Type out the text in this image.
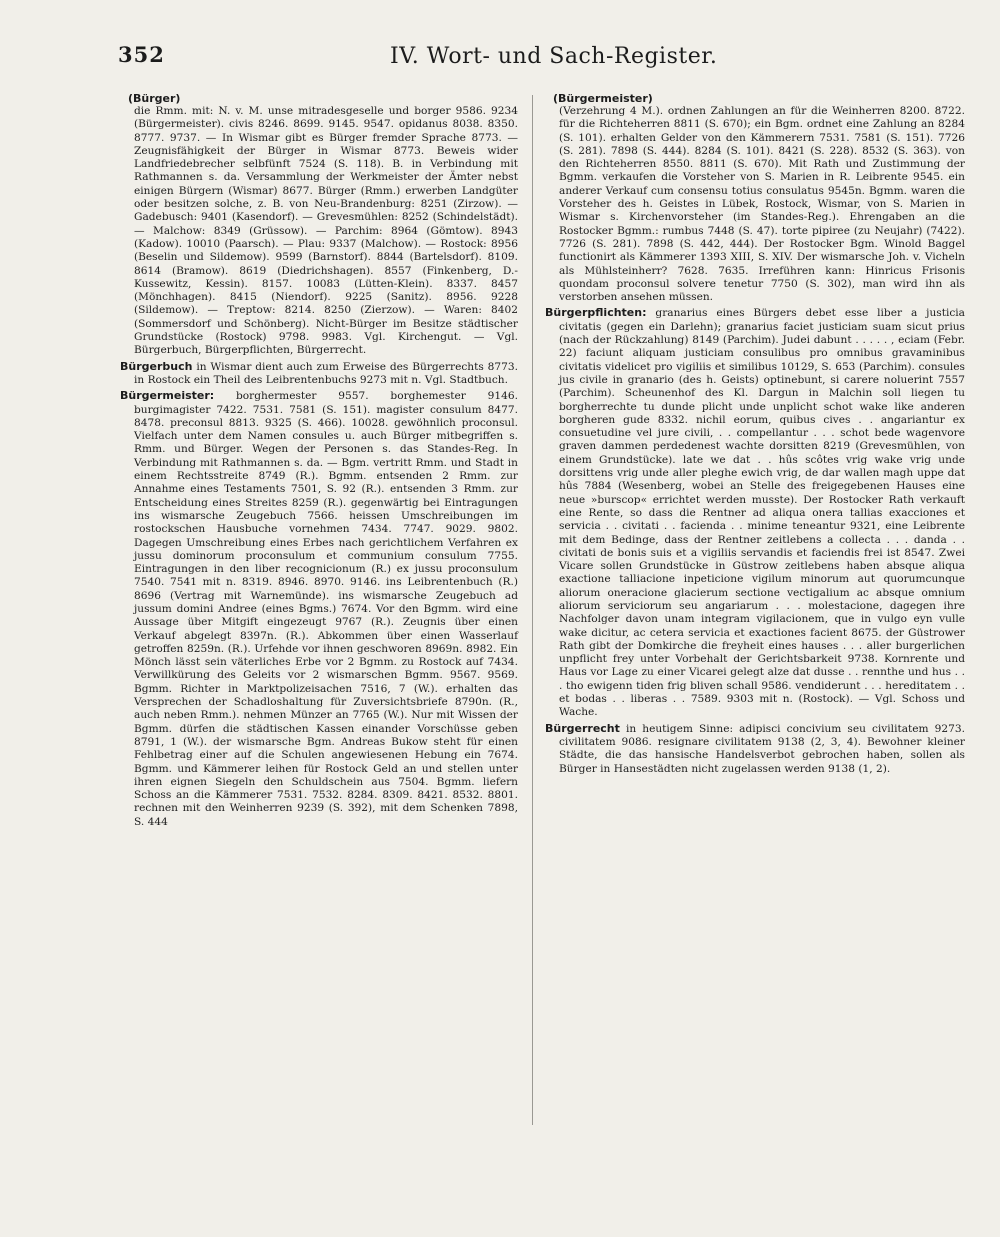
352	IV. Wort- und Sach-Register.
(Bürger)

die Rmm. mit: N. v. M. unse mitradesgeselle und borger 9586. 9234 (Bürgermeister). civis 8246. 8699. 9145. 9547. opidanus 8038. 8350. 8777. 9737. — In Wismar gibt es Bürger fremder Sprache 8773. — Zeugnisfähigkeit der Bürger in Wismar 8773. Beweis wider Landfriedebrecher selbfünft 7524 (S. 118). B. in Verbindung mit Rathmannen s. da. Versammlung der Werkmeister der Ämter nebst einigen Bürgern (Wismar) 8677. Bürger (Rmm.) erwerben Landgüter oder besitzen solche, z. B. von Neu-Brandenburg: 8251 (Zirzow). — Gadebusch: 9401 (Kasendorf). — Grevesmühlen: 8252 (Schindelstädt). — Malchow: 8349 (Grüssow). — Parchim: 8964 (Gömtow). 8943 (Kadow). 10010 (Paarsch). — Plau: 9337 (Malchow). — Rostock: 8956 (Beselin und Sildemow). 9599 (Barnstorf). 8844 (Bartelsdorf). 8109. 8614 (Bramow). 8619 (Diedrichshagen). 8557 (Finkenberg, D.-Kussewitz, Kessin). 8157. 10083 (Lütten-Klein). 8337. 8457 (Mönchhagen). 8415 (Niendorf). 9225 (Sanitz). 8956. 9228 (Sildemow). — Treptow: 8214. 8250 (Zierzow). — Waren: 8402 (Sommersdorf und Schönberg). Nicht-Bürger im Besitze städtischer Grundstücke (Rostock) 9798. 9983. Vgl. Kirchengut. — Vgl. Bürgerbuch, Bürgerpflichten, Bürgerrecht.

Bürgerbuch in Wismar dient auch zum Erweise des Bürgerrechts 8773. in Rostock ein Theil des Leibrentenbuchs 9273 mit n. Vgl. Stadtbuch.

Bürgermeister: borghermester 9557. borghemester 9146. burgimagister 7422. 7531. 7581 (S. 151). magister consulum 8477. 8478. preconsul 8813. 9325 (S. 466). 10028. gewöhnlich proconsul. Vielfach unter dem Namen consules u. auch Bürger mitbegriffen s. Rmm. und Bürger. Wegen der Personen s. das Standes-Reg. In Verbindung mit Rathmannen s. da. — Bgm. vertritt Rmm. und Stadt in einem Rechtsstreite 8749 (R.). Bgmm. entsenden 2 Rmm. zur Annahme eines Testaments 7501, S. 92 (R.). entsenden 3 Rmm. zur Entscheidung eines Streites 8259 (R.). gegenwärtig bei Eintragungen ins wismarsche Zeugebuch 7566. heissen Umschreibungen im rostockschen Hausbuche vornehmen 7434. 7747. 9029. 9802. Dagegen Umschreibung eines Erbes nach gerichtlichem Verfahren ex jussu dominorum proconsulum et communium consulum 7755. Eintragungen in den liber recognicionum (R.) ex jussu proconsulum 7540. 7541 mit n. 8319. 8946. 8970. 9146. ins Leibrentenbuch (R.) 8696 (Vertrag mit Warnemünde). ins wismarsche Zeugebuch ad jussum domini Andree (eines Bgms.) 7674. Vor den Bgmm. wird eine Aussage über Mitgift eingezeugt 9767 (R.). Zeugnis über einen Verkauf abgelegt 8397n. (R.). Abkommen über einen Wasserlauf getroffen 8259n. (R.). Urfehde vor ihnen geschworen 8969n. 8982. Ein Mönch lässt sein väterliches Erbe vor 2 Bgmm. zu Rostock auf 7434. Verwillkürung des Geleits vor 2 wismarschen Bgmm. 9567. 9569. Bgmm. Richter in Marktpolizeisachen 7516, 7 (W.). erhalten das Versprechen der Schadloshaltung für Zuversichtsbriefe 8790n. (R., auch neben Rmm.). nehmen Münzer an 7765 (W.). Nur mit Wissen der Bgmm. dürfen die städtischen Kassen einander Vorschüsse geben 8791, 1 (W.). der wismarsche Bgm. Andreas Bukow steht für einen Fehlbetrag einer auf die Schulen angewiesenen Hebung ein 7674. Bgmm. und Kämmerer leihen für Rostock Geld an und stellen unter ihren eignen Siegeln den Schuldschein aus 7504. Bgmm. liefern Schoss an die Kämmerer 7531. 7532. 8284. 8309. 8421. 8532. 8801. rechnen mit den Weinherren 9239 (S. 392), mit dem Schenken 7898, S. 444

(Bürgermeister)

(Verzehrung 4 M.). ordnen Zahlungen an für die Weinherren 8200. 8722. für die Richteherren 8811 (S. 670); ein Bgm. ordnet eine Zahlung an 8284 (S. 101). erhalten Gelder von den Kämmerern 7531. 7581 (S. 151). 7726 (S. 281). 7898 (S. 444). 8284 (S. 101). 8421 (S. 228). 8532 (S. 363). von den Richteherren 8550. 8811 (S. 670). Mit Rath und Zustimmung der Bgmm. verkaufen die Vorsteher von S. Marien in R. Leibrente 9545. ein anderer Verkauf cum consensu totius consulatus 9545n. Bgmm. waren die Vorsteher des h. Geistes in Lübek, Rostock, Wismar, von S. Marien in Wismar s. Kirchenvorsteher (im Standes-Reg.). Ehrengaben an die Rostocker Bgmm.: rumbus 7448 (S. 47). torte pipiree (zu Neujahr) (7422). 7726 (S. 281). 7898 (S. 442, 444). Der Rostocker Bgm. Winold Baggel functionirt als Kämmerer 1393 XIII, S. XIV. Der wismarsche Joh. v. Vicheln als Mühlsteinherr? 7628. 7635. Irreführen kann: Hinricus Frisonis quondam proconsul solvere tenetur 7750 (S. 302), man wird ihn als verstorben ansehen müssen.

Bürgerpflichten: granarius eines Bürgers debet esse liber a justicia civitatis (gegen ein Darlehn); granarius faciet justiciam suam sicut prius (nach der Rückzahlung) 8149 (Parchim). Judei dabunt . . . . . , eciam (Febr. 22) faciunt aliquam justiciam consulibus pro omnibus gravaminibus civitatis videlicet pro vigiliis et similibus 10129, S. 653 (Parchim). consules jus civile in granario (des h. Geists) optinebunt, si carere noluerint 7557 (Parchim). Scheunenhof des Kl. Dargun in Malchin soll liegen tu borgherrechte tu dunde plicht unde unplicht schot wake like anderen borgheren gude 8332. nichil eorum, quibus cives . . angariantur ex consuetudine vel jure civili, . . compellantur . . . schot bede wagenvore graven dammen perdedenest wachte dorsitten 8219 (Grevesmühlen, von einem Grundstücke). late we dat . . hûs scôtes vrig wake vrig unde dorsittens vrig unde aller pleghe ewich vrig, de dar wallen magh uppe dat hûs 7884 (Wesenberg, wobei an Stelle des freigegebenen Hauses eine neue »burscop« errichtet werden musste). Der Rostocker Rath verkauft eine Rente, so dass die Rentner ad aliqua onera tallias exacciones et servicia . . civitati . . facienda . . minime teneantur 9321, eine Leibrente mit dem Bedinge, dass der Rentner zeitlebens a collecta . . . danda . . civitati de bonis suis et a vigiliis servandis et faciendis frei ist 8547. Zwei Vicare sollen Grundstücke in Güstrow zeitlebens haben absque aliqua exactione talliacione inpeticione vigilum minorum aut quorumcunque aliorum oneracione glacierum sectione vectigalium ac absque omnium aliorum serviciorum seu angariarum . . . molestacione, dagegen ihre Nachfolger davon unam integram vigilacionem, que in vulgo eyn vulle wake dicitur, ac cetera servicia et exactiones facient 8675. der Güstrower Rath gibt der Domkirche die freyheit eines hauses . . . aller burgerlichen unpflicht frey unter Vorbehalt der Gerichtsbarkeit 9738. Kornrente und Haus vor Lage zu einer Vicarei gelegt alze dat dusse . . rennthe und hus . . . tho ewigenn tiden frig bliven schall 9586. vendiderunt . . . hereditatem . . et bodas . . liberas . . 7589. 9303 mit n. (Rostock). — Vgl. Schoss und Wache.

Bürgerrecht in heutigem Sinne: adipisci concivium seu civilitatem 9273. civilitatem 9086. resignare civilitatem 9138 (2, 3, 4). Bewohner kleiner Städte, die das hansische Handelsverbot gebrochen haben, sollen als Bürger in Hansestädten nicht zugelassen werden 9138 (1, 2).
